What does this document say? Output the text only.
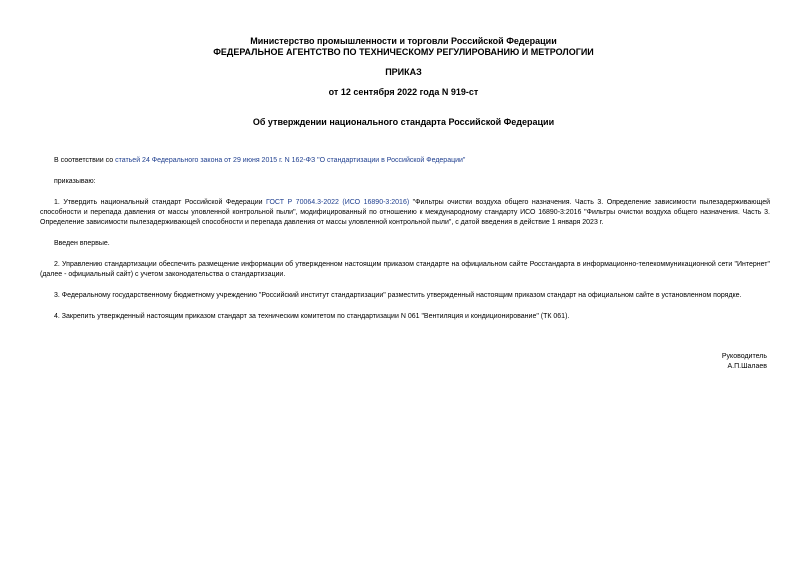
Министерство промышленности и торговли Российской Федерации
ФЕДЕРАЛЬНОЕ АГЕНТСТВО ПО ТЕХНИЧЕСКОМУ РЕГУЛИРОВАНИЮ И МЕТРОЛОГИИ
ПРИКАЗ
от 12 сентября 2022 года N 919-ст
Об утверждении национального стандарта Российской Федерации
В соответствии со статьей 24 Федерального закона от 29 июня 2015 г. N 162-ФЗ "О стандартизации в Российской Федерации"
приказываю:
1. Утвердить национальный стандарт Российской Федерации ГОСТ Р 70064.3-2022 (ИСО 16890-3:2016) "Фильтры очистки воздуха общего назначения. Часть 3. Определение зависимости пылезадерживающей способности и перепада давления от массы уловленной контрольной пыли", модифицированный по отношению к международному стандарту ИСО 16890-3:2016 "Фильтры очистки воздуха общего назначения. Часть 3. Определение зависимости пылезадерживающей способности и перепада давления от массы уловленной контрольной пыли", с датой введения в действие 1 января 2023 г.
Введен впервые.
2. Управлению стандартизации обеспечить размещение информации об утвержденном настоящим приказом стандарте на официальном сайте Росстандарта в информационно-телекоммуникационной сети "Интернет" (далее - официальный сайт) с учетом законодательства о стандартизации.
3. Федеральному государственному бюджетному учреждению "Российский институт стандартизации" разместить утвержденный настоящим приказом стандарт на официальном сайте в установленном порядке.
4. Закрепить утвержденный настоящим приказом стандарт за техническим комитетом по стандартизации N 061 "Вентиляция и кондиционирование" (ТК 061).
Руководитель
А.П.Шалаев
